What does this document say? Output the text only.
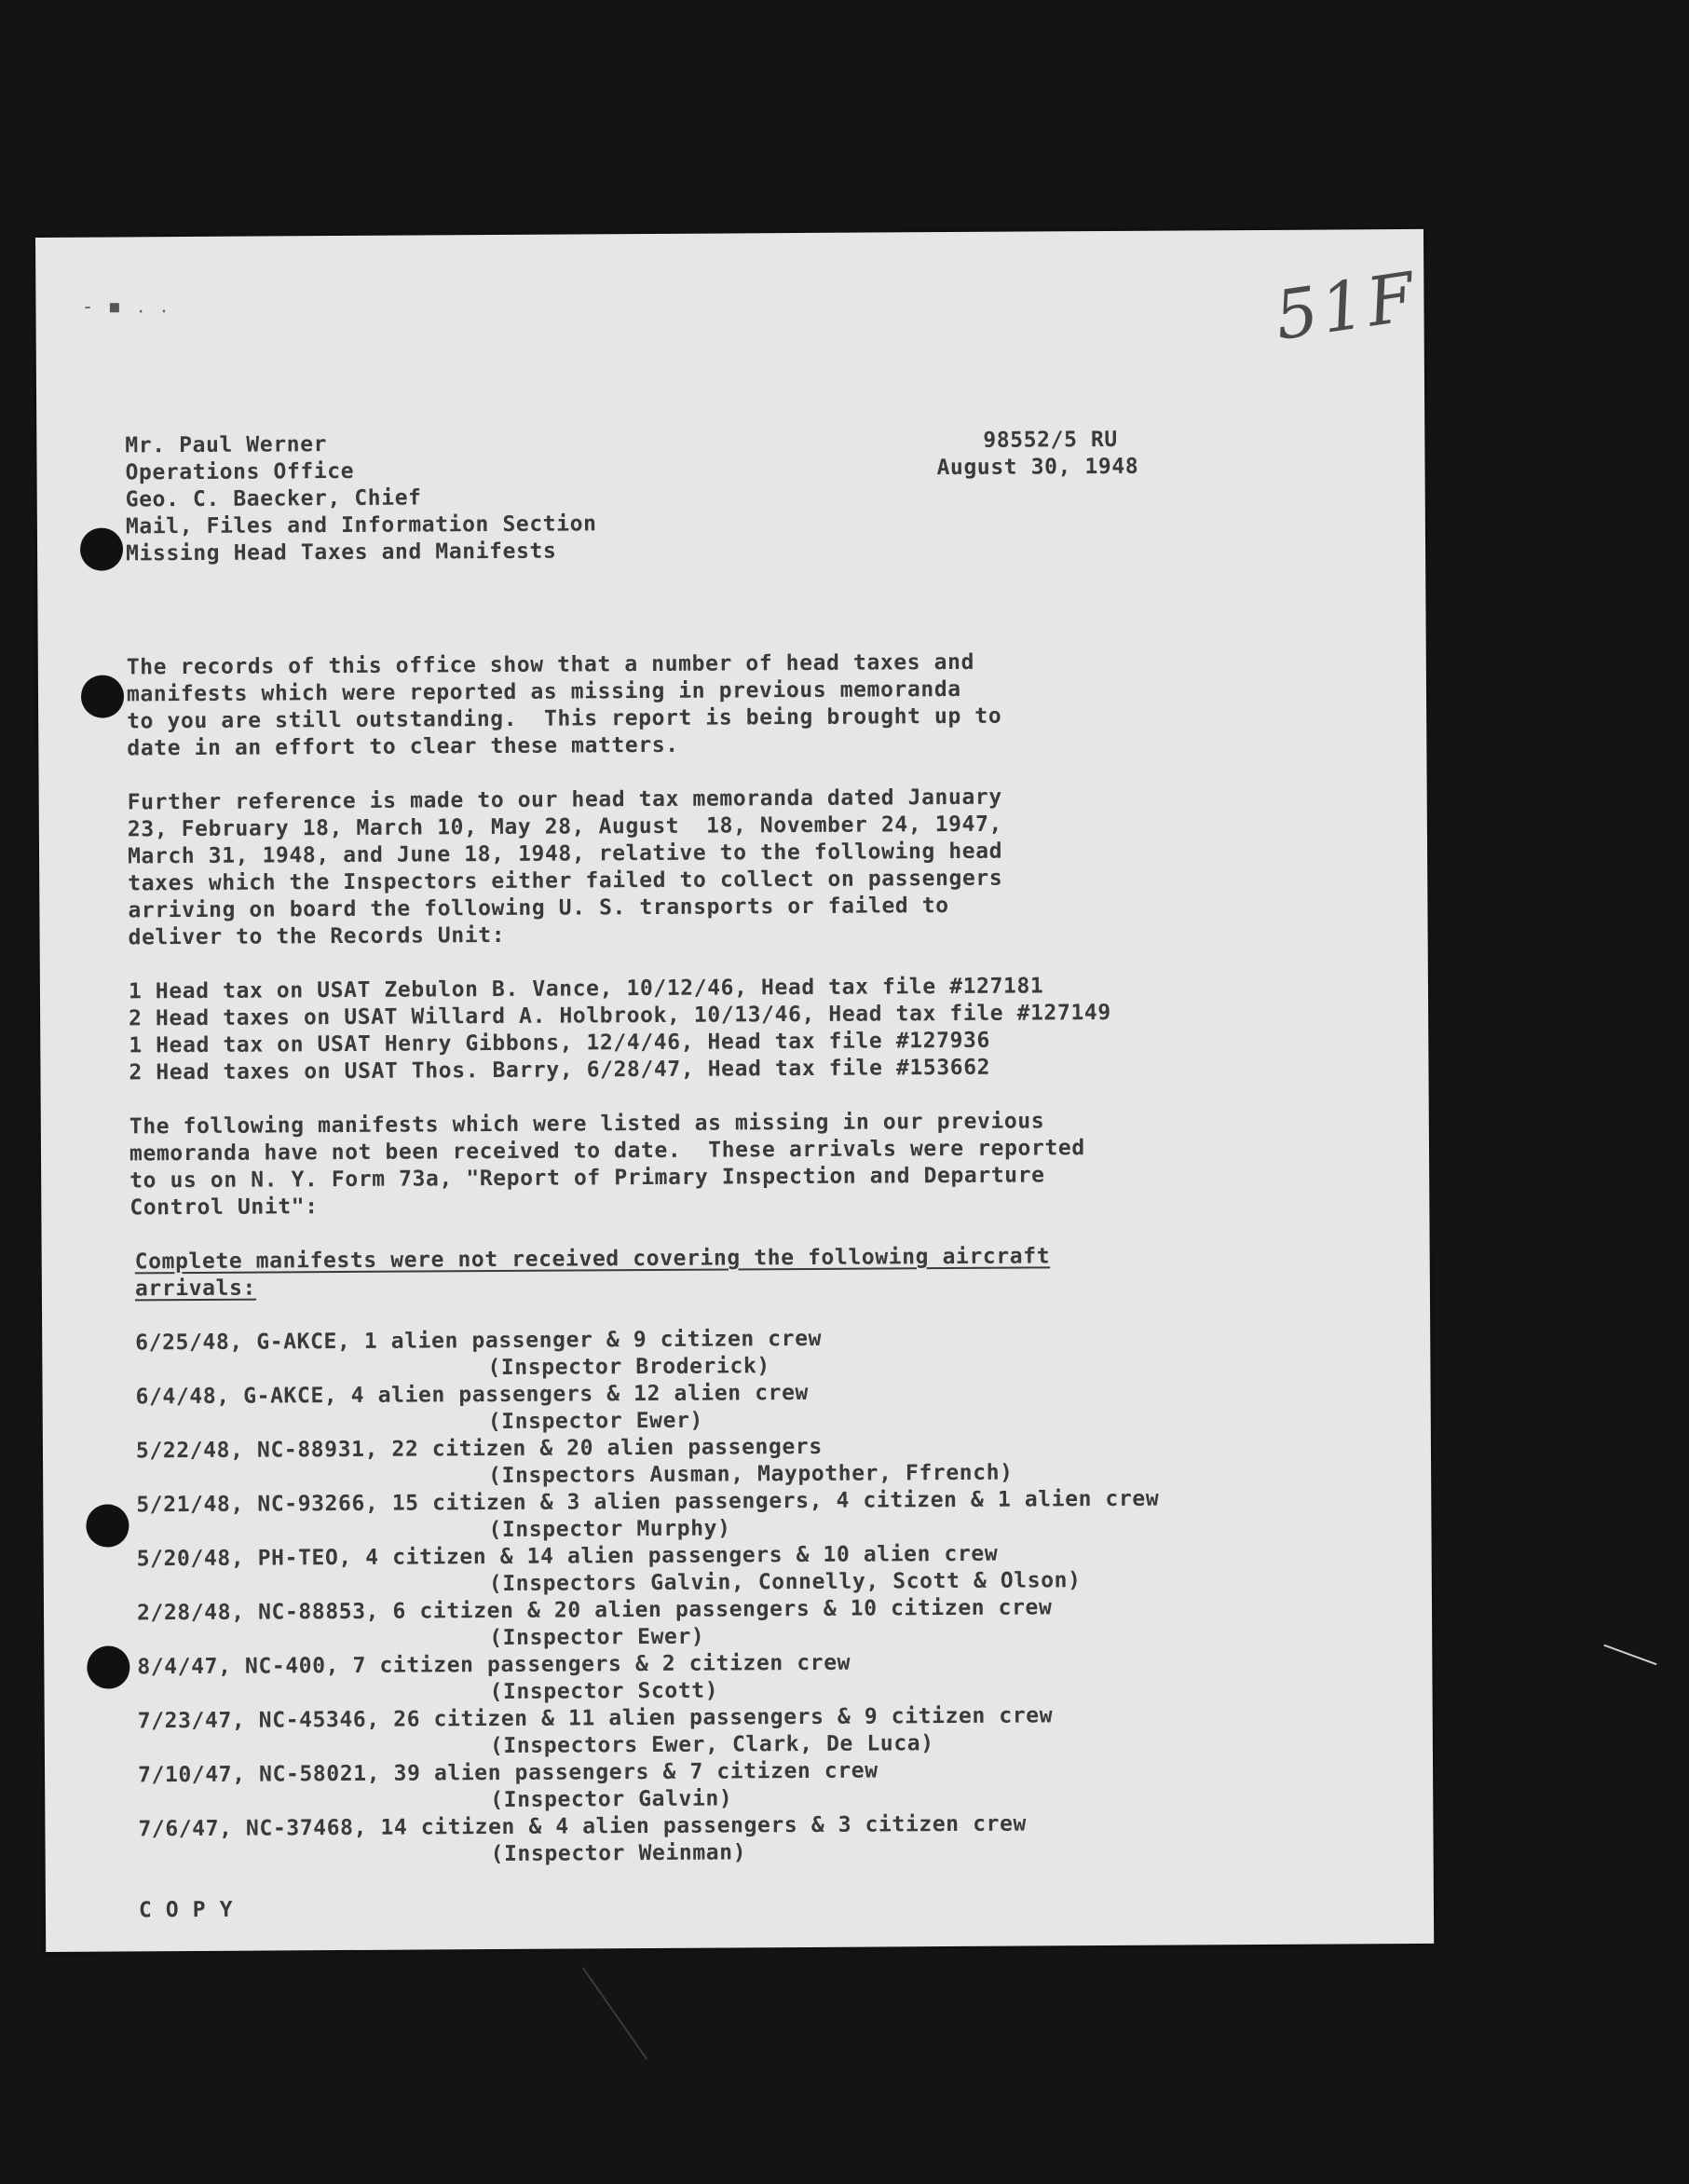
- ▪ . .	51F
Mr. Paul Werner
Operations Office
Geo. C. Baecker, Chief
Mail, Files and Information Section
Missing Head Taxes and Manifests
98552/5 RU
August 30, 1948
The records of this office show that a number of head taxes and
manifests which were reported as missing in previous memoranda
to you are still outstanding.  This report is being brought up to
date in an effort to clear these matters.
Further reference is made to our head tax memoranda dated January
23, February 18, March 10, May 28, August  18, November 24, 1947,
March 31, 1948, and June 18, 1948, relative to the following head
taxes which the Inspectors either failed to collect on passengers
arriving on board the following U. S. transports or failed to
deliver to the Records Unit:
1 Head tax on USAT Zebulon B. Vance, 10/12/46, Head tax file #127181
2 Head taxes on USAT Willard A. Holbrook, 10/13/46, Head tax file #127149
1 Head tax on USAT Henry Gibbons, 12/4/46, Head tax file #127936
2 Head taxes on USAT Thos. Barry, 6/28/47, Head tax file #153662
The following manifests which were listed as missing in our previous
memoranda have not been received to date.  These arrivals were reported
to us on N. Y. Form 73a, "Report of Primary Inspection and Departure
Control Unit":
Complete manifests were not received covering the following aircraft
arrivals:
6/25/48, G-AKCE, 1 alien passenger & 9 citizen crew
(Inspector Broderick)
6/4/48, G-AKCE, 4 alien passengers & 12 alien crew
(Inspector Ewer)
5/22/48, NC-88931, 22 citizen & 20 alien passengers
(Inspectors Ausman, Maypother, Ffrench)
5/21/48, NC-93266, 15 citizen & 3 alien passengers, 4 citizen & 1 alien crew
(Inspector Murphy)
5/20/48, PH-TEO, 4 citizen & 14 alien passengers & 10 alien crew
(Inspectors Galvin, Connelly, Scott & Olson)
2/28/48, NC-88853, 6 citizen & 20 alien passengers & 10 citizen crew
(Inspector Ewer)
8/4/47, NC-400, 7 citizen passengers & 2 citizen crew
(Inspector Scott)
7/23/47, NC-45346, 26 citizen & 11 alien passengers & 9 citizen crew
(Inspectors Ewer, Clark, De Luca)
7/10/47, NC-58021, 39 alien passengers & 7 citizen crew
(Inspector Galvin)
7/6/47, NC-37468, 14 citizen & 4 alien passengers & 3 citizen crew
(Inspector Weinman)
C O P Y
